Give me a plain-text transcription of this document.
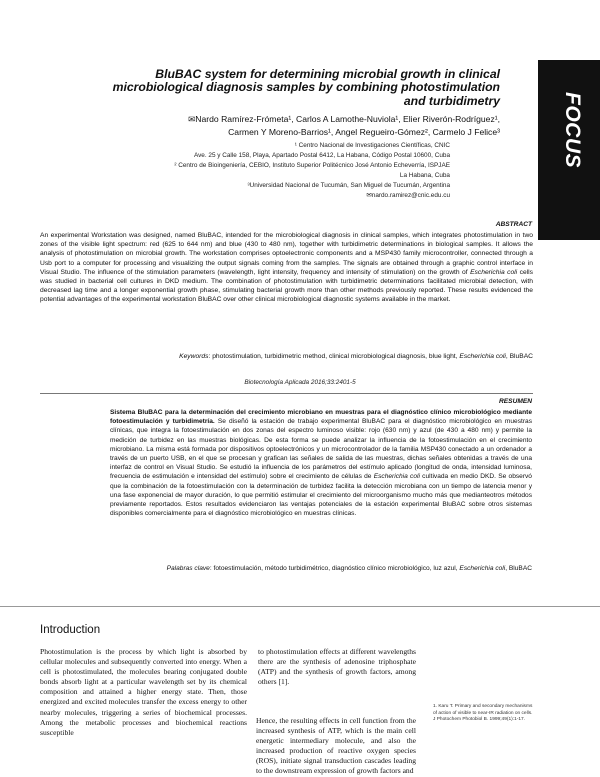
FOCUS
BluBAC system for determining microbial growth in clinical microbiological diagnosis samples by combining photostimulation and turbidimetry
✉Nardo Ramírez-Frómeta¹, Carlos A Lamothe-Nuviola¹, Elier Riverón-Rodríguez¹,
Carmen Y Moreno-Barrios¹, Angel Regueiro-Gómez², Carmelo J Felice³
¹ Centro Nacional de Investigaciones Científicas, CNIC
Ave. 25 y Calle 158, Playa, Apartado Postal 6412, La Habana, Código Postal 10600, Cuba
² Centro de Bioingeniería, CEBIO, Instituto Superior Politécnico José Antonio Echeverría, ISPJAE
La Habana, Cuba
³Universidad Nacional de Tucumán, San Miguel de Tucumán, Argentina
✉nardo.ramirez@cnic.edu.cu
ABSTRACT

An experimental Workstation was designed, named BluBAC, intended for the microbiological diagnosis in clinical samples, which integrates photostimulation in two zones of the visible light spectrum: red (625 to 644 nm) and blue (430 to 480 nm), together with turbidimetric determinations in biological samples. It allows the analysis of photostimulation on microbial growth. The workstation comprises optoelectronic components and a MSP430 family microcontroller, connected through a Usb port to a computer for processing and visualizing the output signals coming from the samples. The signals are obtained through a graphic control interface in Visual Studio. The influence of the stimulation parameters (wavelength, light intensity, frequency and intensity of stimulation) on the growth of Escherichia coli cells was studied in bacterial cell cultures in DKD medium. The combination of photostimulation with turbidimetric determinations facilitated microbial detection, with decreased lag time and a longer exponential growth phase, stimulating bacterial growth more than other methods previously reported. These results evidenced the potential advantages of the experimental workstation BluBAC over other clinical microbiological diagnostic systems available in the market.

Keywords: photostimulation, turbidimetric method, clinical microbiological diagnosis, blue light, Escherichia coli, BluBAC

Biotecnología Aplicada 2016;33:2401-5
RESUMEN

Sistema BluBAC para la determinación del crecimiento microbiano en muestras para el diagnóstico clínico microbiológico mediante fotoestimulación y turbidimetría. Se diseñó la estación de trabajo experimental BluBAC para el diagnóstico microbiológico en muestras clínicas, que integra la fotoestimulación en dos zonas del espectro luminoso visible: rojo (630 nm) y azul (de 430 a 480 nm) y permite la medición de turbidez en las muestras biológicas. De esta forma se puede analizar la influencia de la fotoestimulación en el crecimiento microbiano. La misma está formada por dispositivos optoelectrónicos y un microcontrolador de la familia MSP430 conectado a un ordenador a través de un puerto USB, en el que se procesan y grafican las señales de salida de las muestras, dichas señales obtenidas a través de una interfaz de control en Visual Studio. Se estudió la influencia de los parámetros del estímulo aplicado (longitud de onda, intensidad luminosa, frecuencia de estimulación e intensidad del estímulo) sobre el crecimiento de células de Escherichia coli cultivada en medio DKD. Se observó que la combinación de la fotoestimulación con la determinación de turbidez facilita la detección microbiana con un tiempo de latencia menor y una fase exponencial de mayor duración, lo que permitió estimular el crecimiento del microorganismo mucho más que medianteotros métodos previamente reportados. Estos resultados evidenciaron las ventajas potenciales de la estación experimental BluBAC sobre otros sistemas disponibles comercialmente para el diagnóstico microbiológico en muestras clínicas.

Palabras clave: fotoestimulación, método turbidimétrico, diagnóstico clínico microbiológico, luz azul, Escherichia coli, BluBAC

Introduction

Photostimulation is the process by which light is absorbed by cellular molecules and subsequently converted into energy. When a cell is photostimulated, the molecules bearing conjugated double bonds absorb light at a particular wavelength set by its chemical composition and attained a higher energy state. Then, those energized and excited molecules transfer the excess energy to other nearby molecules, triggering a series of biochemical processes. Among the metabolic processes and biochemical reactions susceptible

to photostimulation effects at different wavelengths there are the synthesis of adenosine triphosphate (ATP) and the synthesis of growth factors, among others [1].

Hence, the resulting effects in cell function from the increased synthesis of ATP, which is the main cell energetic intermediary molecule, and also the increased production of reactive oxygen species (ROS), initiate signal transduction cascades leading to the downstream expression of growth factors and

1. Karu T. Primary and secondary mechanisms of action of visible to near-IR radiation on cells. J Photochem Photobiol B. 1999;49(1):1-17.
